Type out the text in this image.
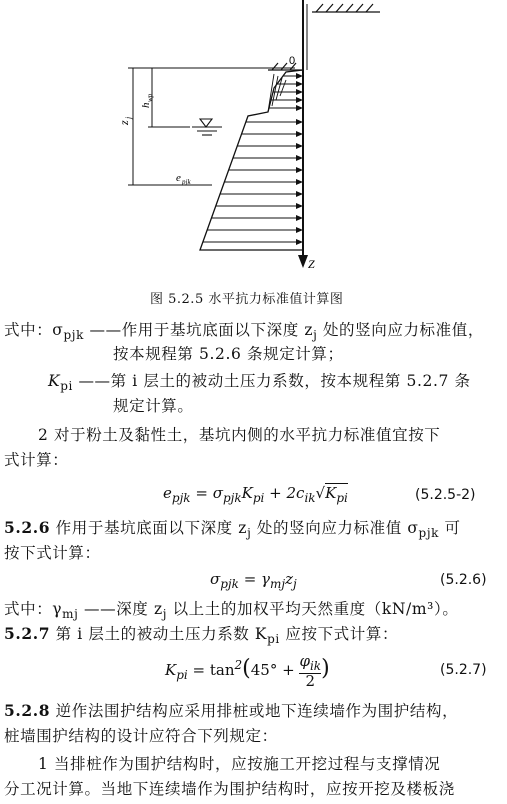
0
Z
z
j
h
wp
e pjk
图 5.2.5 水平抗力标准值计算图
式中：$\sigma_{pjk}$ ——作用于基坑底面以下深度 $z_j$ 处的竖向应力标准值，
按本规程第 5.2.6 条规定计算；
$K_{pi}$ ——第 i 层土的被动土压力系数，按本规程第 5.2.7 条
规定计算。
2 对于粉土及黏性土，基坑内侧的水平抗力标准值宜按下
式计算：
$e_{pjk} = \sigma_{pjk}K_{pi} + 2c_{ik}√K_{pi}$	(5.2.5-2)
5.2.6 作用于基坑底面以下深度 $z_j$ 处的竖向应力标准值 $\sigma_{pjk}$ 可
按下式计算：
$\sigma_{pjk} = \gamma_{mj}z_j$	(5.2.6)
式中：$\gamma_{mj}$ ——深度 $z_j$ 以上土的加权平均天然重度（kN/m³）。
5.2.7 第 i 层土的被动土压力系数 $K_{pi}$ 应按下式计算：
$K_{pi} = \tan^2(45^\circ + \varphi_{ik}$
2 )	(5.2.7)
5.2.8 逆作法围护结构应采用排桩或地下连续墙作为围护结构，
桩墙围护结构的设计应符合下列规定：
1 当排桩作为围护结构时，应按施工开挖过程与支撑情况
分工况计算。当地下连续墙作为围护结构时，应按开挖及楼板浇
